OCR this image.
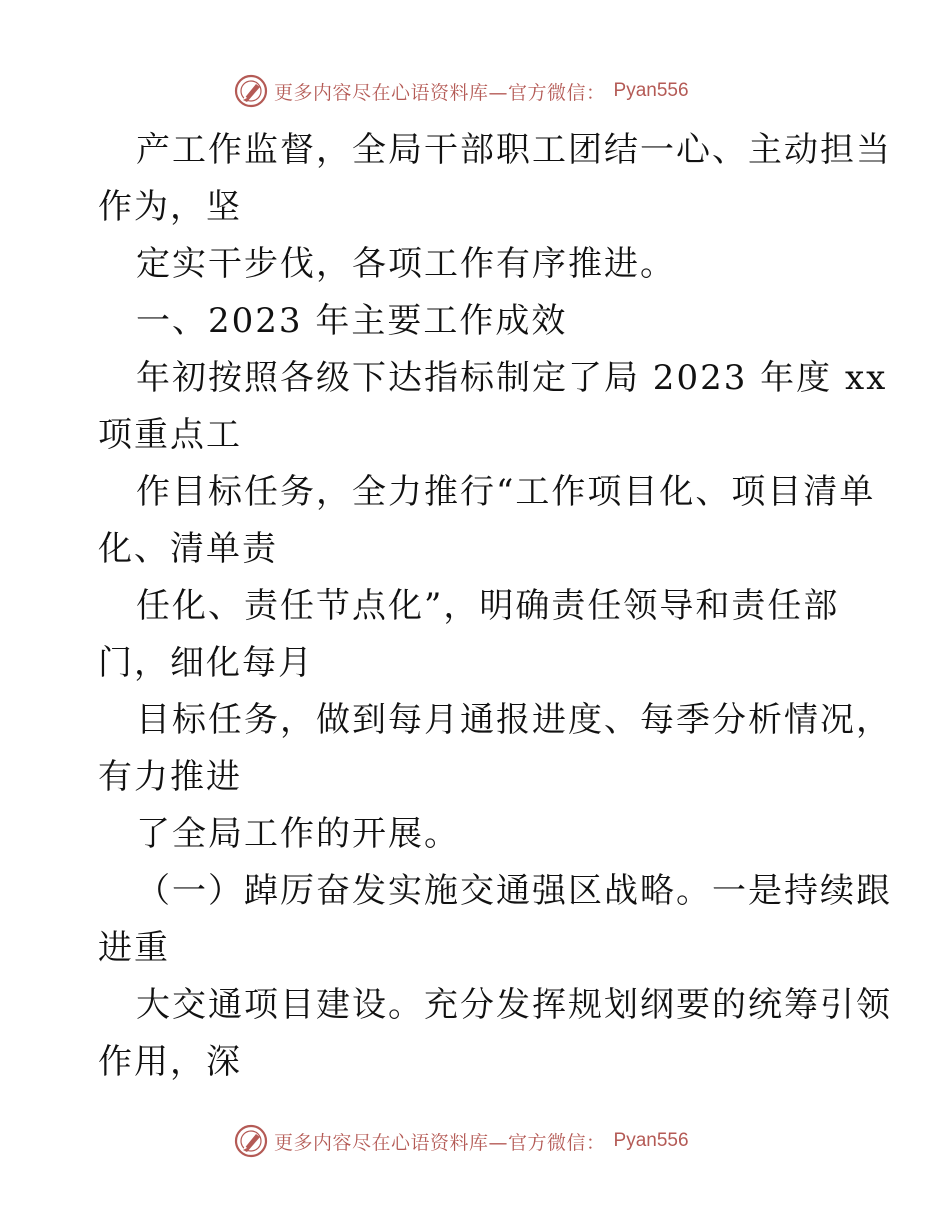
更多内容尽在心语资料库—官方微信： Pyan556
产工作监督，全局干部职工团结一心、主动担当
作为，坚
定实干步伐，各项工作有序推进。
一、2023 年主要工作成效
年初按照各级下达指标制定了局 2023 年度 xx
项重点工
作目标任务，全力推行“工作项目化、项目清单
化、清单责
任化、责任节点化”，明确责任领导和责任部
门，细化每月
目标任务，做到每月通报进度、每季分析情况，
有力推进
了全局工作的开展。
（一）踔厉奋发实施交通强区战略。一是持续跟
进重
大交通项目建设。充分发挥规划纲要的统筹引领
作用，深
更多内容尽在心语资料库—官方微信： Pyan556
